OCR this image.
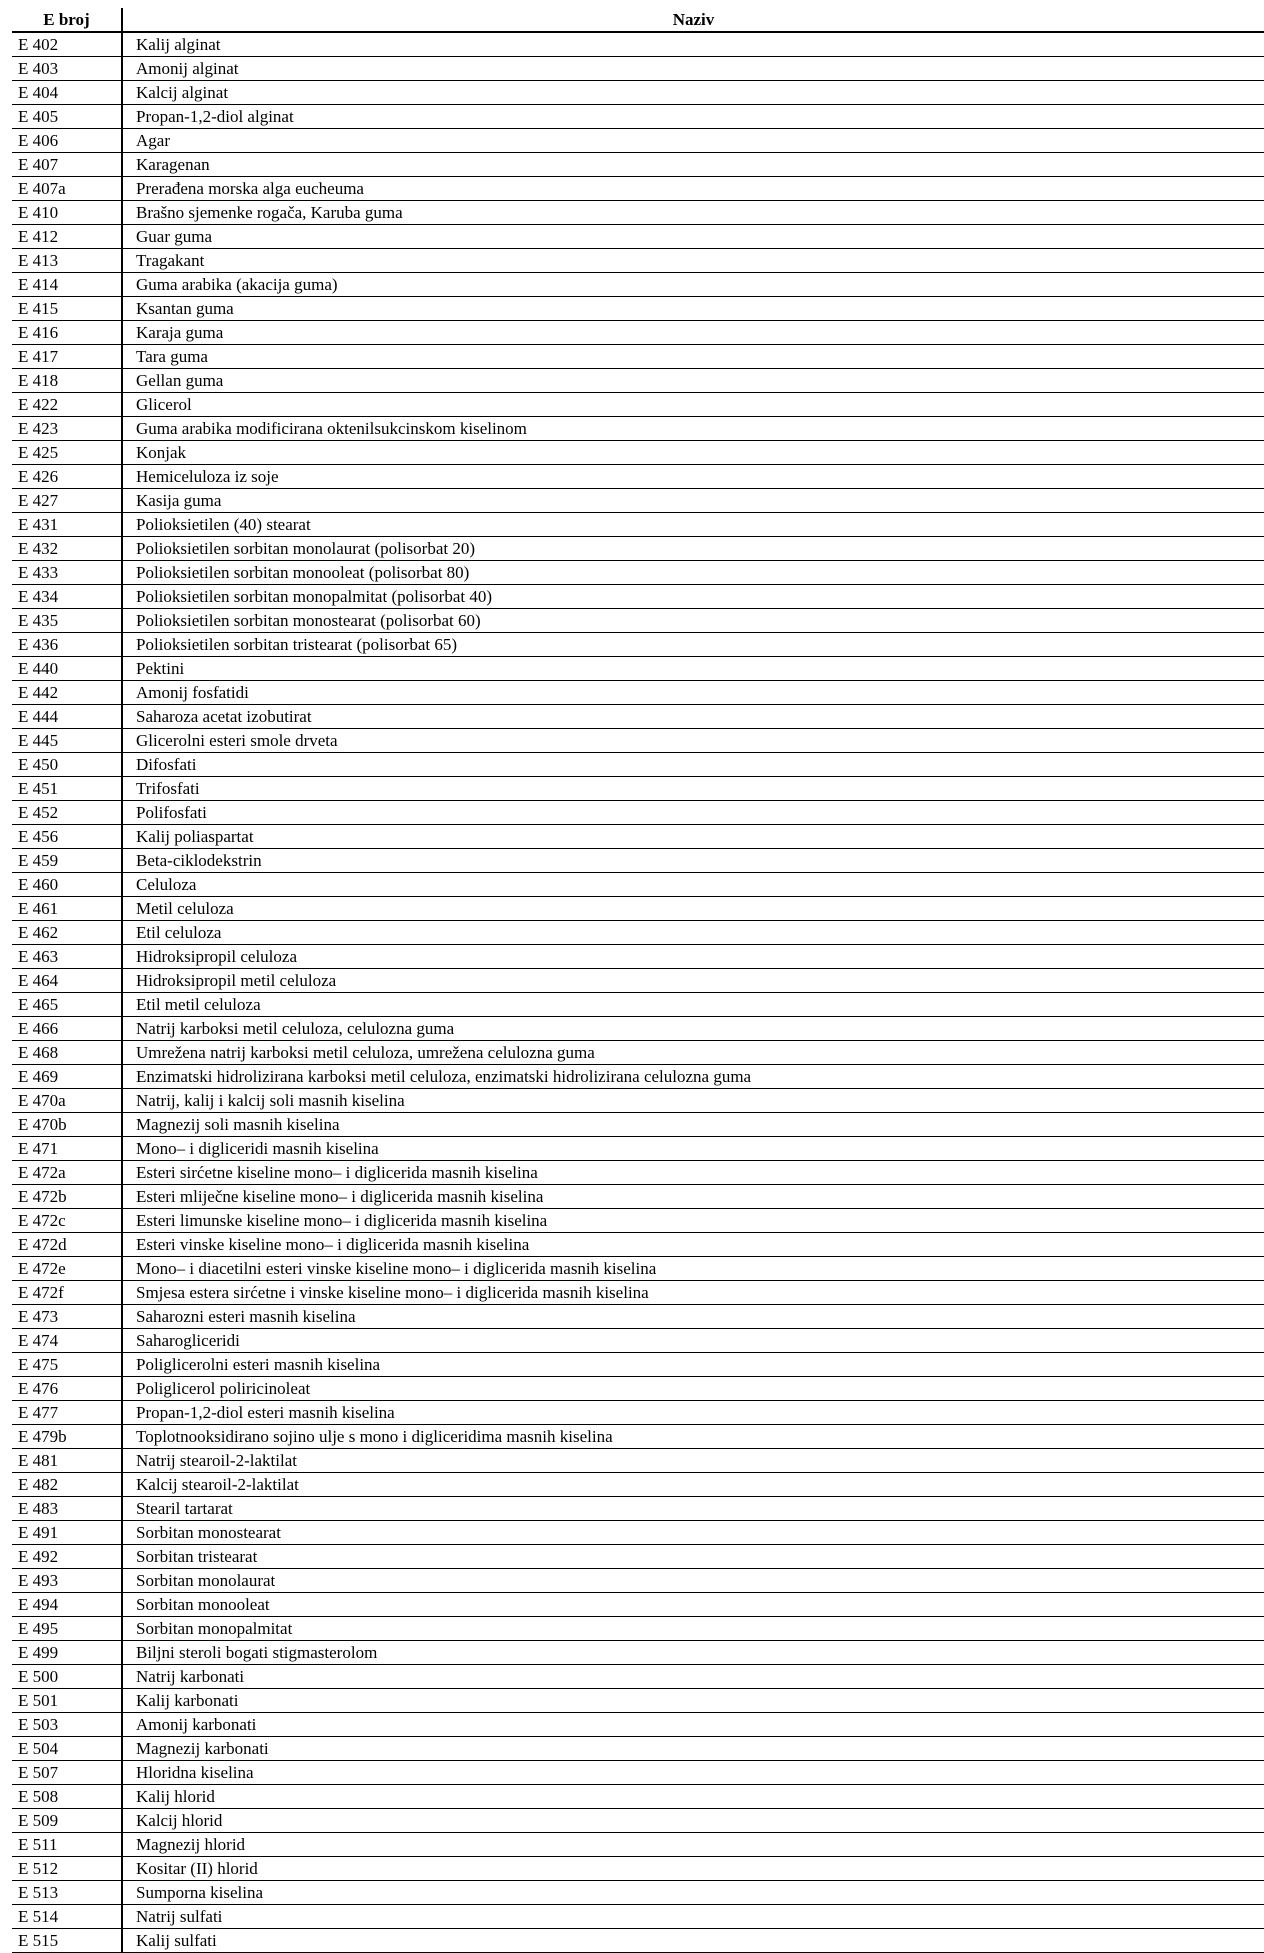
E broj	Naziv
E 402	Kalij alginat
E 403	Amonij alginat
E 404	Kalcij alginat
E 405	Propan-1,2-diol alginat
E 406	Agar
E 407	Karagenan
E 407a	Prerađena morska alga eucheuma
E 410	Brašno sjemenke rogača, Karuba guma
E 412	Guar guma
E 413	Tragakant
E 414	Guma arabika (akacija guma)
E 415	Ksantan guma
E 416	Karaja guma
E 417	Tara guma
E 418	Gellan guma
E 422	Glicerol
E 423	Guma arabika modificirana oktenilsukcinskom kiselinom
E 425	Konjak
E 426	Hemiceluloza iz soje
E 427	Kasija guma
E 431	Polioksietilen (40) stearat
E 432	Polioksietilen sorbitan monolaurat (polisorbat 20)
E 433	Polioksietilen sorbitan monooleat (polisorbat 80)
E 434	Polioksietilen sorbitan monopalmitat (polisorbat 40)
E 435	Polioksietilen sorbitan monostearat (polisorbat 60)
E 436	Polioksietilen sorbitan tristearat (polisorbat 65)
E 440	Pektini
E 442	Amonij fosfatidi
E 444	Saharoza acetat izobutirat
E 445	Glicerolni esteri smole drveta
E 450	Difosfati
E 451	Trifosfati
E 452	Polifosfati
E 456	Kalij poliaspartat
E 459	Beta-ciklodekstrin
E 460	Celuloza
E 461	Metil celuloza
E 462	Etil celuloza
E 463	Hidroksipropil celuloza
E 464	Hidroksipropil metil celuloza
E 465	Etil metil celuloza
E 466	Natrij karboksi metil celuloza, celulozna guma
E 468	Umrežena natrij karboksi metil celuloza, umrežena celulozna guma
E 469	Enzimatski hidrolizirana karboksi metil celuloza, enzimatski hidrolizirana celulozna guma
E 470a	Natrij, kalij i kalcij soli masnih kiselina
E 470b	Magnezij soli masnih kiselina
E 471	Mono– i digliceridi masnih kiselina
E 472a	Esteri sirćetne kiseline mono– i diglicerida masnih kiselina
E 472b	Esteri mliječne kiseline mono– i diglicerida masnih kiselina
E 472c	Esteri limunske kiseline mono– i diglicerida masnih kiselina
E 472d	Esteri vinske kiseline mono– i diglicerida masnih kiselina
E 472e	Mono– i diacetilni esteri vinske kiseline mono– i diglicerida masnih kiselina
E 472f	Smjesa estera sirćetne i vinske kiseline mono– i diglicerida masnih kiselina
E 473	Saharozni esteri masnih kiselina
E 474	Saharogliceridi
E 475	Poliglicerolni esteri masnih kiselina
E 476	Poliglicerol poliricinoleat
E 477	Propan-1,2-diol esteri masnih kiselina
E 479b	Toplotnooksidirano sojino ulje s mono i digliceridima masnih kiselina
E 481	Natrij stearoil-2-laktilat
E 482	Kalcij stearoil-2-laktilat
E 483	Stearil tartarat
E 491	Sorbitan monostearat
E 492	Sorbitan tristearat
E 493	Sorbitan monolaurat
E 494	Sorbitan monooleat
E 495	Sorbitan monopalmitat
E 499	Biljni steroli bogati stigmasterolom
E 500	Natrij karbonati
E 501	Kalij karbonati
E 503	Amonij karbonati
E 504	Magnezij karbonati
E 507	Hloridna kiselina
E 508	Kalij hlorid
E 509	Kalcij hlorid
E 511	Magnezij hlorid
E 512	Kositar (II) hlorid
E 513	Sumporna kiselina
E 514	Natrij sulfati
E 515	Kalij sulfati
